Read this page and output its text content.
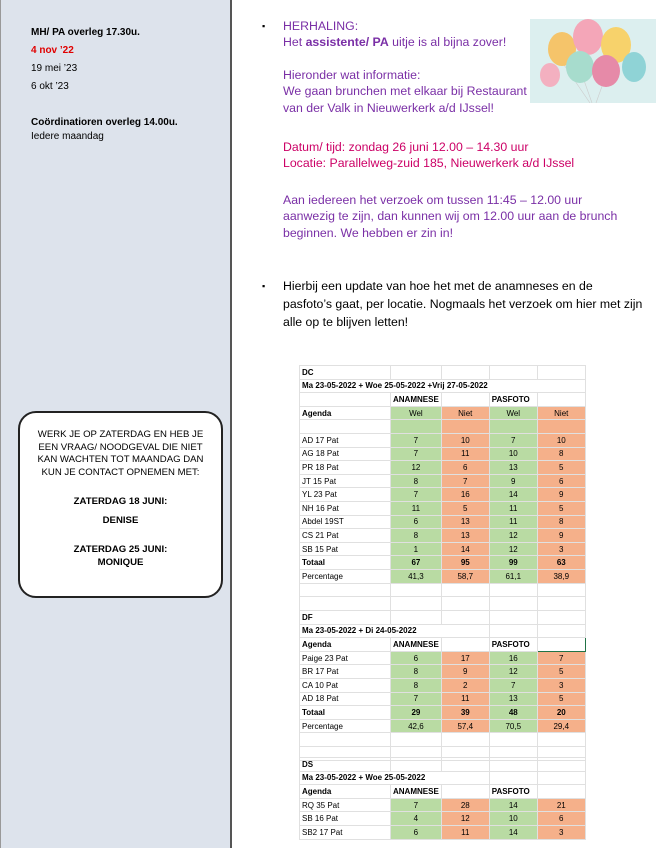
MH/ PA overleg 17.30u.
4 nov ’22
19 mei ’23
6 okt ’23
Coördinatioren overleg 14.00u.
Iedere maandag
WERK JE OP ZATERDAG EN HEB JE EEN VRAAG/ NOODGEVAL DIE NIET KAN WACHTEN TOT MAANDAG DAN KUN JE CONTACT OPNEMEN MET:
ZATERDAG 18 JUNI:
DENISE
ZATERDAG 25 JUNI:
MONIQUE
▪ HERHALING:
Het assistente/ PA uitje is al bijna zover!
Hieronder wat informatie:
We gaan brunchen met elkaar bij Restaurant
van der Valk in Nieuwerkerk a/d IJssel!
Datum/ tijd: zondag 26 juni 12.00 – 14.30 uur
Locatie: Parallelweg-zuid 185, Nieuwerkerk a/d IJssel
Aan iedereen het verzoek om tussen 11:45 – 12.00 uur
aanwezig te zijn, dan kunnen wij om 12.00 uur aan de brunch
beginnen. We hebben er zin in!
▪ Hierbij een update van hoe het met de anamneses en de pasfoto’s gaat, per locatie. Nogmaals het verzoek om hier met zijn alle op te blijven letten!
DC				
Ma 23-05-2022 + Woe 25-05-2022 +Vrij 27-05-2022				
	ANAMNESE		PASFOTO	
Agenda	Wel	Niet	Wel	Niet

AD 17 Pat	7	10	7	10
AG 18 Pat	7	11	10	8
PR 18 Pat	12	6	13	5
JT 15 Pat	8	7	9	6
YL 23 Pat	7	16	14	9
NH 16 Pat	11	5	11	5
Abdel 19ST	6	13	11	8
CS 21 Pat	8	13	12	9
SB 15 Pat	1	14	12	3
Totaal	67	95	99	63
Percentage	41,3	58,7	61,1	38,9

DF				
Ma 23-05-2022 + Di 24-05-2022				
Agenda	ANAMNESE		PASFOTO	
Paige 23 Pat	6	17	16	7
BR 17 Pat	8	9	12	5
CA 10 Pat	8	2	7	3
AD 18 Pat	7	11	13	5
Totaal	29	39	48	20
Percentage	42,6	57,4	70,5	29,4

DS				
Ma 23-05-2022 + Woe 25-05-2022				
Agenda	ANAMNESE		PASFOTO	
RQ 35 Pat	7	28	14	21
SB 16 Pat	4	12	10	6
SB2 17 Pat	6	11	14	3
